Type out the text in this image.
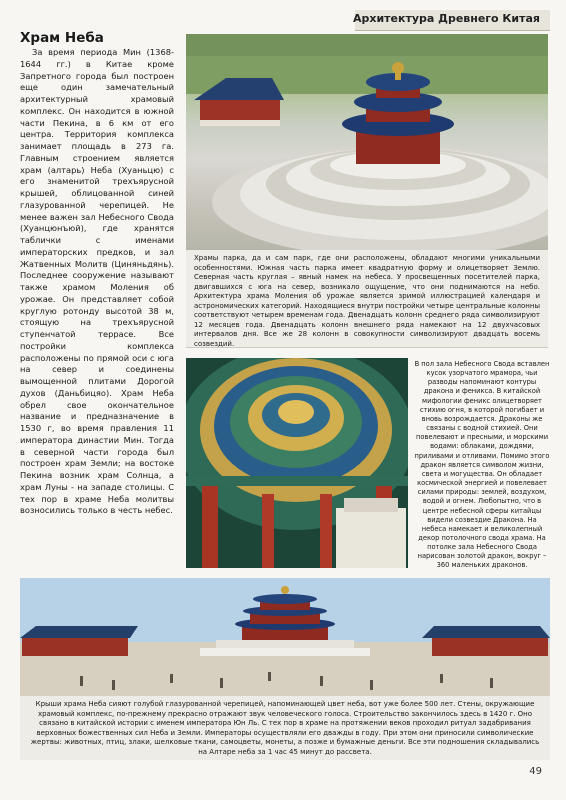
Архитектура Древнего Китая
Храм Неба

За время периода Мин (1368-1644 гг.) в Китае кроме Запретного города был построен еще один замечательный архитектурный храмовый комплекс. Он находится в южной части Пекина, в 6 км от его центра. Территория комплекса занимает площадь в 273 га. Главным строением является храм (алтарь) Неба (Хуаньцю) с его знаменитой трехъярусной крышей, облицованной синей глазурованной черепицей. Не менее важен зал Небесного Свода (Хуанцюнъюй), где хранятся таблички с именами императорских предков, и зал Жатвенных Молитв (Циняньдянь). Последнее сооружение называют также храмом Моления об урожае. Он представляет собой круглую ротонду высотой 38 м, стоящую на трехъярусной ступенчатой террасе. Все постройки комплекса расположены по прямой оси с юга на север и соединены вымощенной плитами Дорогой духов (Даньбицяо). Храм Неба обрел свое окончательное название и предназначение в 1530 г, во время правления 11 императора династии Мин. Тогда в северной части города был построен храм Земли; на востоке Пекина возник храм Солнца, а храм Луны - на западе столицы. С тех пор в храме Неба молитвы возносились только в честь небес.

Храмы парка, да и сам парк, где они расположены, обладают многими уникальными особенностями. Южная часть парка имеет квадратную форму и олицетворяет Землю. Северная часть круглая – явный намек на небеса. У просвещенных посетителей парка, двигавшихся с юга на север, возникало ощущение, что они поднимаются на небо. Архитектура храма Моления об урожае является зримой иллюстрацией календаря и астрономических категорий. Находящиеся внутри постройки четыре центральные колонны соответствуют четырем временам года. Двенадцать колонн среднего ряда символизируют 12 месяцев года. Двенадцать колонн внешнего ряда намекают на 12 двухчасовых интервалов дня. Все же 28 колонн в совокупности символизируют двадцать восемь созвездий.

В пол зала Небесного Свода вставлен кусок узорчатого мрамора, чьи разводы напоминают контуры дракона и феникса. В китайской мифологии феникс олицетворяет стихию огня, в которой погибает и вновь возрождается. Драконы же связаны с водной стихией. Они повелевают и пресными, и морскими водами: облаками, дождями, приливами и отливами. Помимо этого дракон является символом жизни, света и могущества. Он обладает космической энергией и повелевает силами природы: землей, воздухом, водой и огнем. Любопытно, что в центре небесной сферы китайцы видели созвездие Дракона. На небеса намекает и великолепный декор потолочного свода храма. На потолке зала Небесного Свода нарисован золотой дракон, вокруг – 360 маленьких драконов.

Крыши храма Неба сияют голубой глазурованной черепицей, напоминающей цвет неба, вот уже более 500 лет. Стены, окружающие храмовый комплекс, по-прежнему прекрасно отражают звук человеческого голоса. Строительство закончилось здесь в 1420 г. Оно связано в китайской истории с именем императора Юн Ль. С тех пор в храме на протяжении веков проходил ритуал задабривания верховных божественных сил Неба и Земли. Императоры осуществляли его дважды в году. При этом они приносили символические жертвы: животных, птиц, злаки, шелковые ткани, самоцветы, монеты, а позже и бумажные деньги. Все эти подношения складывались на Алтаре неба за 1 час 45 минут до рассвета.

49
